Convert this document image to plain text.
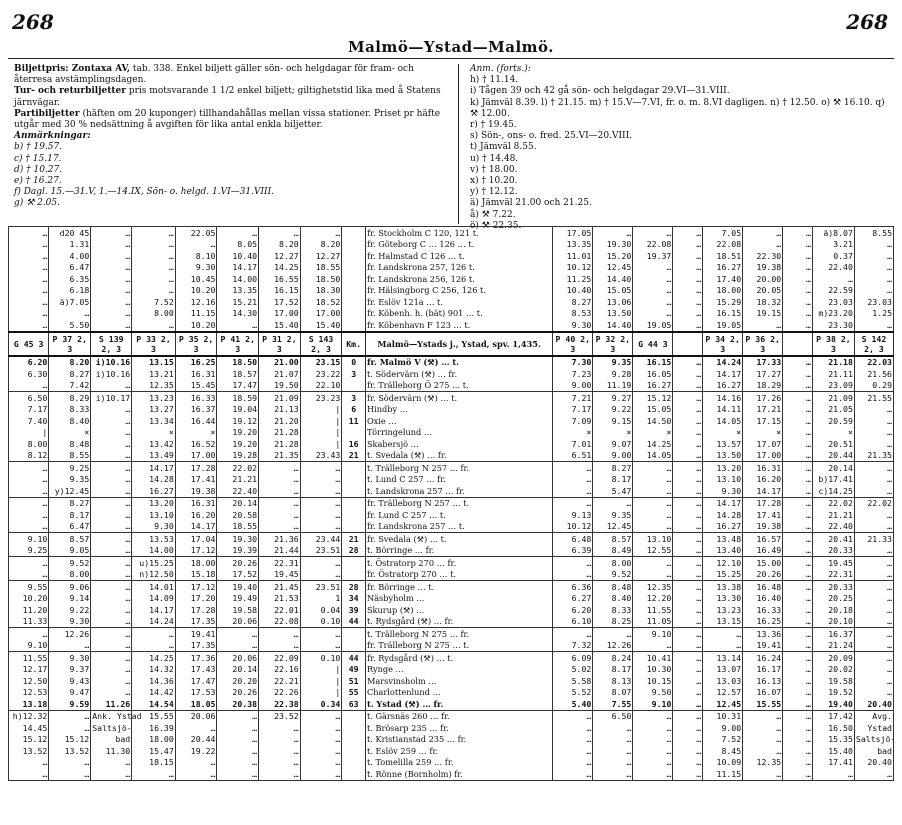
268	268
Malmö—Ystad—Malmö.

Biljettpris: Zontaxa AV, tab. 338. Enkel biljett gäller sön- och helgdagar för fram- och återresa avstämplingsdagen.

Tur- och returbiljetter pris motsvarande 1 1/2 enkel biljett; giltighetstid lika med å Statens järnvägar.

Partibiljetter (häften om 20 kuponger) tillhandahållas mellan vissa stationer. Priset pr häfte utgår med 30 % nedsättning å avgiften för lika antal enkla biljetter.

Anmärkningar:

b) † 19.57.

c) † 15.17.

d) † 10.27.

e) † 16.27.

f) Dagl. 15.—31.V, 1.—14.IX, Sön- o. helgd. 1.VI—31.VIII.

g) ⚒ 2.05.

Anm. (forts.):

h) † 11.14.

i) Tågen 39 och 42 gå sön- och helgdagar 29.VI—31.VIII.

k) Jämväl 8.39. l) † 21.15. m) † 15.V—7.VI, fr. o. m. 8.VI dagligen. n) † 12.50. o) ⚒ 16.10. q) ⚒ 12.00.

r) † 19.45.

s) Sön-, ons- o. fred. 25.VI—20.VIII.

t) Jämväl 8.55.

u) † 14.48.

v) † 18.00.

x) † 10.20.

y) † 12.12.

ä) Jämväl 21.00 och 21.25.

å) ⚒ 7.22.

ö) ⚒ 22.35.

…	d20 45	…	…	22.05	…	…	…		fr. Stockholm C 120, 121 t.	17.05	…	…	…	7.05	…	…	ä)8.07	8.55
…	1.31	…	…	…	8.05	8.20	8.20		fr. Göteborg C … 126 … t.	13.35	19.30	22.08	…	22.08	…	…	3.21	…
…	4.00	…	…	8.10	10.40	12.27	12.27		fr. Halmstad C 126 … t.	11.01	15.20	19.37	…	18.51	22.30	…	0.37	…
…	6.47	…	…	9.30	14.17	14.25	18.55		fr. Landskrona 257, 126 t.	10.12	12.45	…	…	16.27	19.38	…	22.40	…
…	6.35	…	…	10.45	14.00	16.55	18.50		fr. Landskrona 256, 126 t.	11.25	14.40	…	…	17.40	20.00	…	…	…
…	6.18	…	…	10.20	13.35	16.15	18.30		fr. Hälsingborg C 256, 126 t.	10.40	15.05	…	…	18.00	20.05	…	22.59	…
…	ä)7.05	…	7.52	12.16	15.21	17.52	18.52		fr. Eslöv 121a … t.	8.27	13.06	…	…	15.29	18.32	…	23.03	23.03
…	…	…	8.00	11.15	14.30	17.00	17.00		fr. Köbenh. h. (bät) 901 … t.	8.53	13.50	…	…	16.15	19.15	…	m)23.20	1.25
…	5.50	…	…	10.20	…	15.40	15.40		fr. Köbenhavn F 123 … t.	9.30	14.40	19.05	…	19.05	…	…	23.30	…
G 45 3	P 37 2, 3	S 139 2, 3	P 33 2, 3	P 35 2, 3	P 41 2, 3	P 31 2, 3	S 143 2, 3	Km.	Malmö—Ystads j., Ystad, spv. 1,435.	P 40 2, 3	P 32 2, 3	G 44 3		P 34 2, 3	P 36 2, 3		P 38 2, 3	S 142 2, 3
6.20	8.20	i)10.16	13.15	16.25	18.50	21.00	23.15	0	fr. Malmö V (⚒) … t.	7.30	9.35	16.15	…	14.24	17.33	…	21.18	22.03
6.30	8.27	i)10.16	13.21	16.31	18.57	21.07	23.22	3	t. Södervärn (⚒) … fr.	7.23	9.28	16.05	…	14.17	17.27	…	21.11	21.56
…	7.42	…	12.35	15.45	17.47	19.50	22.10		fr. Trälleborg Ö 275 … t.	9.00	11.19	16.27	…	16.27	18.29	…	23.09	0.29
6.50	8.29	i)10.17	13.23	16.33	18.59	21.09	23.23	3	fr. Södervärn (⚒) … t.	7.21	9.27	15.12	…	14.16	17.26	…	21.09	21.55
7.17	8.33	…	13.27	16.37	19.04	21.13	|	6	Hindby …	7.17	9.22	15.05	…	14.11	17.21	…	21.05	…
7.40	8.40	…	13.34	16.44	19.12	21.20	|	11	Oxie …	7.09	9.15	14.50	…	14.05	17.15	…	20.59	…
|	×	…	×	×	19.20	21.28	|		Törringelund …	×	×	×	…	×	×	…	×	…
8.00	8.48	…	13.42	16.52	19.20	21.28	|	16	Skabersjö …	7.01	9.07	14.25	…	13.57	17.07	…	20.51	…
8.12	8.55	…	13.49	17.00	19.28	21.35	23.43	21	t. Svedala (⚒) … fr.	6.51	9.00	14.05	…	13.50	17.00	…	20.44	21.35
…	9.25	…	14.17	17.28	22.02	…	…		t. Trälleborg N 257 … fr.	…	8.27	…	…	13.20	16.31	…	20.14	…
…	9.35	…	14.28	17.41	21.21	…	…		t. Lund C 257 … fr.	…	8.17	…	…	13.10	16.20	…	b)17.41	…
…	y)12.45	…	16.27	19.38	22.40	…	…		t. Landskrona 257 … fr.	…	5.47	…	…	9.30	14.17	…	c)14.25	…
…	8.27	…	13.20	16.31	20.14	…	…		fr. Trälleborg N 257 … t.	…	…	…	…	14.17	17.28	…	22.02	22.02
…	8.17	…	13.10	16.20	20.58	…	…		fr. Lund C 257 … t.	9.13	9.35	…	…	14.28	17.41	…	21.21	…
…	6.47	…	9.30	14.17	18.55	…	…		fr. Landskrona 257 … t.	10.12	12.45	…	…	16.27	19.38	…	22.40	…
9.10	8.57	…	13.53	17.04	19.30	21.36	23.44	21	fr. Svedala (⚒) … t.	6.48	8.57	13.10	…	13.48	16.57	…	20.41	21.33
9.25	9.05	…	14.00	17.12	19.39	21.44	23.51	28	t. Börringe … fr.	6.39	8.49	12.55	…	13.40	16.49	…	20.33	…
…	9.52	…	u)15.25	18.00	20.26	22.31	…		t. Östratorp 270 … fr.	…	8.00	…	…	12.10	15.00	…	19.45	…
…	8.00	…	n)12.50	15.18	17.52	19.45	…		fr. Östratorp 270 … t.	…	9.52	…	…	15.25	20.26	…	22.31	…
9.55	9.06	…	14.01	17.12	19.40	21.45	23.51	28	fr. Börringe … t.	6.36	8.48	12.35	…	13.38	16.48	…	20.33	…
10.20	9.14	…	14.09	17.20	19.49	21.53	1	34	Näsbyholm …	6.27	8.40	12.20	…	13.30	16.40	…	20.25	…
11.20	9.22	…	14.17	17.28	19.58	22.01	0.04	39	Skurup (⚒) …	6.20	8.33	11.55	…	13.23	16.33	…	20.18	…
11.33	9.30	…	14.24	17.35	20.06	22.08	0.10	44	t. Rydsgård (⚒) … fr.	6.10	8.25	11.05	…	13.15	16.25	…	20.10	…
…	12.26	…	…	19.41	…	…	…		t. Trälleborg N 275 … fr.	…	…	9.10	…	…	13.36	…	16.37	…
9.10	…	…	…	17.35	…	…	…		fr. Trälleborg N 275 … t.	7.32	12.26	…	…	…	19.41	…	21.24	…
11.55	9.30	…	14.25	17.36	20.06	22.09	0.10	44	fr. Rydsgård (⚒) … t.	6.09	8.24	10.41	…	13.14	16.24	…	20.09	…
12.17	9.37	…	14.32	17.43	20.14	22.16	|	49	Rynge …	5.02	8.17	10.30	…	13.07	16.17	…	20.02	…
12.50	9.43	…	14.36	17.47	20.20	22.21	|	51	Marsvinsholm …	5.58	8.13	10.15	…	13.03	16.13	…	19.58	…
12.53	9.47	…	14.42	17.53	20.26	22.26	|	55	Charlottenlund …	5.52	8.07	9.50	…	12.57	16.07	…	19.52	…
13.18	9.59	11.26	14.54	18.05	20.38	22.38	0.34	63	t. Ystad (⚒) … fr.	5.40	7.55	9.10	…	12.45	15.55	…	19.40	20.40
h)12.32	…	Ank. Ystad	15.55	20.06	…	23.52	…		t. Gärsnäs 260 … fr.	…	6.50	…	…	10.31	…	…	17.42	Avg.
14.45	…	Saltsjö-	16.39	…	…	…	…		t. Brösarp 235 … fr.	…	…	…	…	9.00	…	…	16.50	Ystad
15.12	15.12	bad	18.00	20.44	…	…	…		t. Kristianstad 235 … fr.	…	…	…	…	7.52	…	…	15.35	Saltsjö-
13.52	13.52	11.30	15.47	19.22	…	…	…		t. Eslöv 259 … fr.	…	…	…	…	8.45	…	…	15.40	bad
…	…	…	18.15	…	…	…	…		t. Tomelilla 259 … fr.	…	…	…	…	10.09	12.35	…	17.41	20.40
…	…	…	…	…	…	…	…		t. Rönne (Bornholm) fr.	…	…	…	…	11.15	…	…	…	…
